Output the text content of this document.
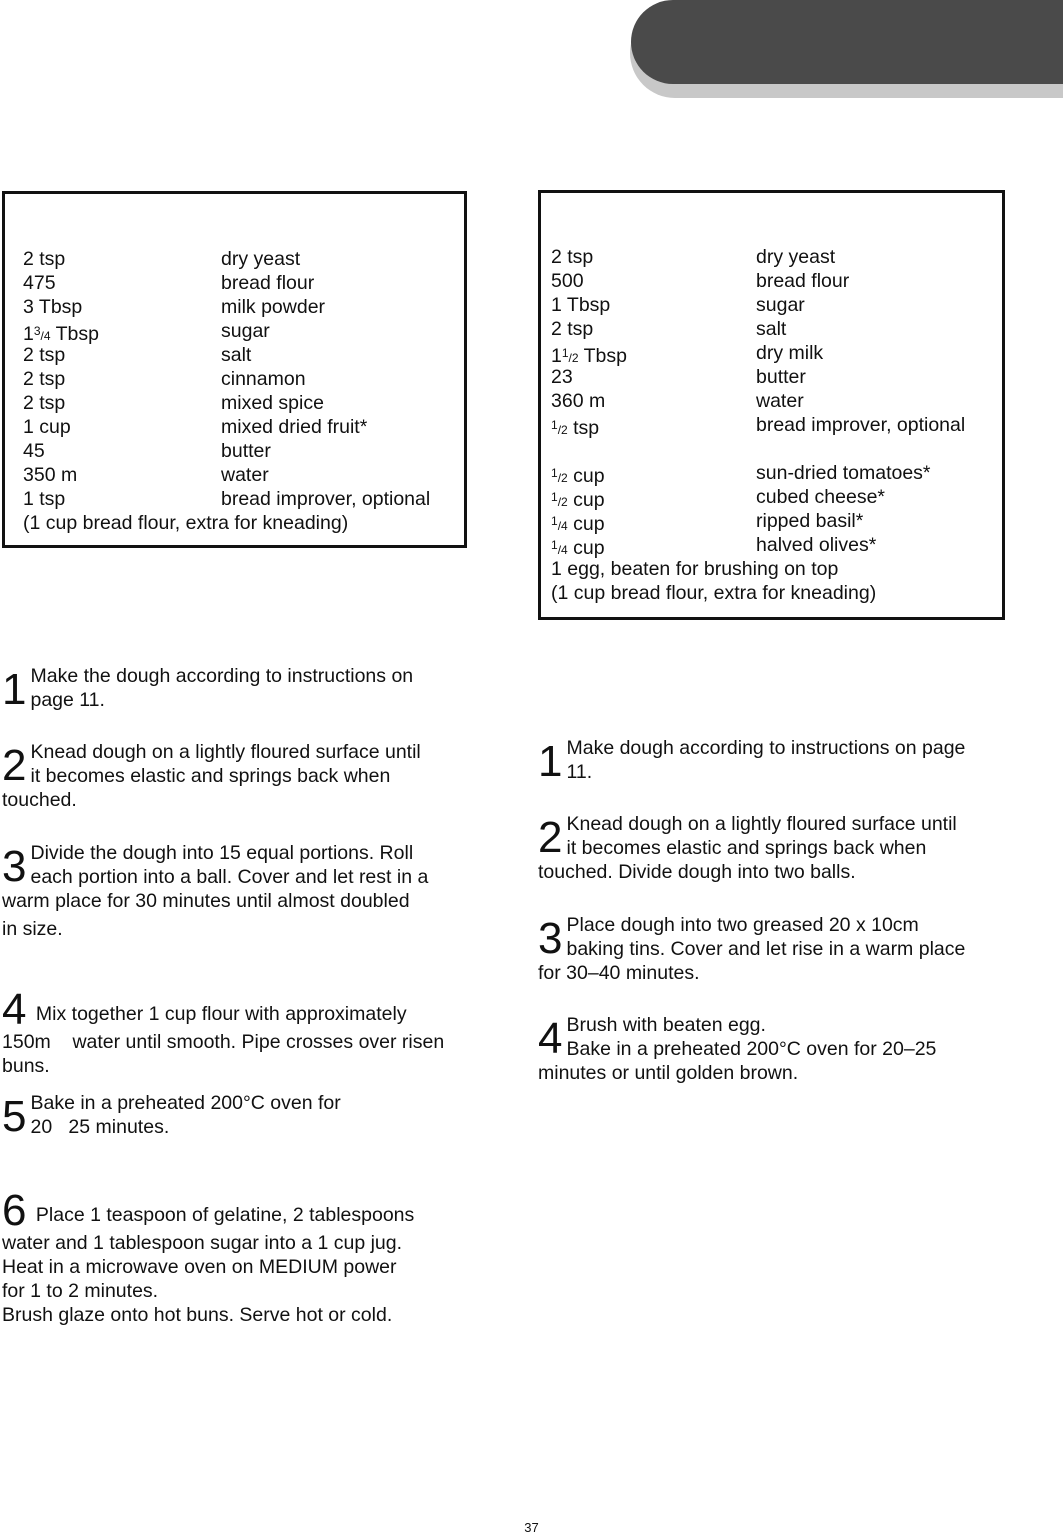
2 tsp	dry yeast
475	bread flour
3 Tbsp	milk powder
$1^3/4$ Tbsp	sugar
2 tsp	salt
2 tsp	cinnamon
2 tsp	mixed spice
1 cup	mixed dried fruit*
45	butter
350 m	water
1 tsp	bread improver, optional
(1 cup bread flour, extra for kneading)
2 tsp	dry yeast
500	bread flour
1 Tbsp	sugar
2 tsp	salt
$1^1/2$ Tbsp	dry milk
23	butter
360 m	water
$^1$/2 tsp	bread improver, optional
$^1$/2 cup	sun-dried tomatoes*
$^1$/2 cup	cubed cheese*
$^1$/4 cup	ripped basil*
$^1$/4 cup	halved olives*
1 egg, beaten for brushing on top
(1 cup bread flour, extra for kneading)
1 Make the dough according to instructions on
page 11.

2 Knead dough on a lightly floured surface until
it becomes elastic and springs back when
touched.

3 Divide the dough into 15 equal portions. Roll
each portion into a ball. Cover and let rest in a
warm place for 30 minutes until almost doubled
in size.

4 Mix together 1 cup flour with approximately

150m    water until smooth. Pipe crosses over risen
buns.

5 Bake in a preheated 200°C oven for
20   25 minutes.

6 Place 1 teaspoon of gelatine, 2 tablespoons

water and 1 tablespoon sugar into a 1 cup jug.
Heat in a microwave oven on MEDIUM power
for 1 to 2 minutes.
Brush glaze onto hot buns. Serve hot or cold.

1 Make dough according to instructions on page
11.

2 Knead dough on a lightly floured surface until
it becomes elastic and springs back when
touched. Divide dough into two balls.

3 Place dough into two greased 20 x 10cm
baking tins. Cover and let rise in a warm place
for 30–40 minutes.

4 Brush with beaten egg.
Bake in a preheated 200°C oven for 20–25
minutes or until golden brown.

37
